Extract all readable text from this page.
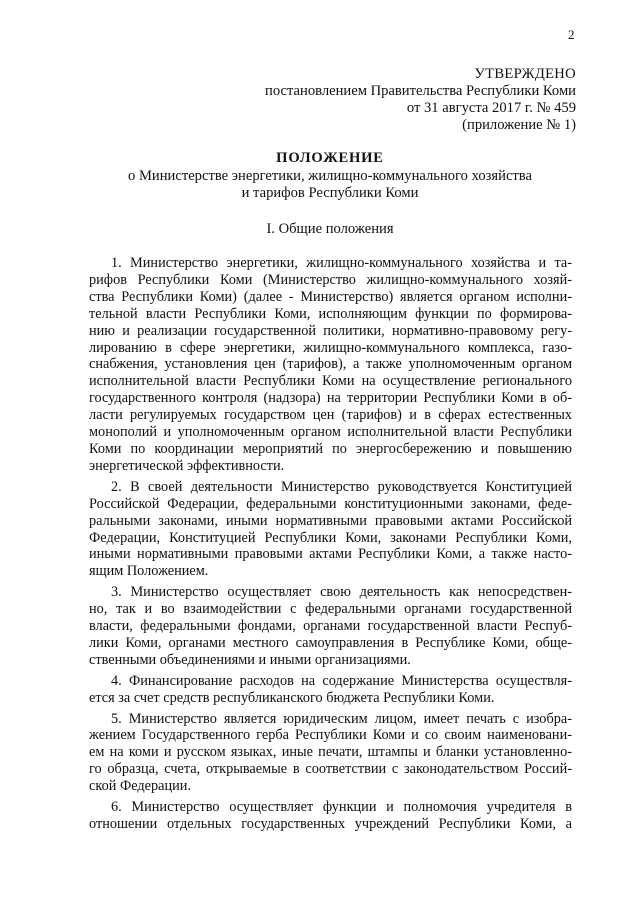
2
УТВЕРЖДЕНО
постановлением Правительства Республики Коми
от 31 августа 2017 г. № 459
(приложение № 1)
ПОЛОЖЕНИЕ
о Министерстве энергетики, жилищно-коммунального хозяйства
и тарифов Республики Коми
I. Общие положения
1. Министерство энергетики, жилищно-коммунального хозяйства и та-
рифов Республики Коми (Министерство жилищно-коммунального хозяй-
ства Республики Коми) (далее - Министерство) является органом исполни-
тельной власти Республики Коми, исполняющим функции по формирова-
нию и реализации государственной политики, нормативно-правовому регу-
лированию в сфере энергетики, жилищно-коммунального комплекса, газо-
снабжения, установления цен (тарифов), а также уполномоченным органом
исполнительной власти Республики Коми на осуществление регионального
государственного контроля (надзора) на территории Республики Коми в об-
ласти регулируемых государством цен (тарифов) и в сферах естественных
монополий и уполномоченным органом исполнительной власти Республики
Коми по координации мероприятий по энергосбережению и повышению
энергетической эффективности.
2. В своей деятельности Министерство руководствуется Конституцией
Российской Федерации, федеральными конституционными законами, феде-
ральными законами, иными нормативными правовыми актами Российской
Федерации, Конституцией Республики Коми, законами Республики Коми,
иными нормативными правовыми актами Республики Коми, а также насто-
ящим Положением.
3. Министерство осуществляет свою деятельность как непосредствен-
но, так и во взаимодействии с федеральными органами государственной
власти, федеральными фондами, органами государственной власти Респуб-
лики Коми, органами местного самоуправления в Республике Коми, обще-
ственными объединениями и иными организациями.
4. Финансирование расходов на содержание Министерства осуществля-
ется за счет средств республиканского бюджета Республики Коми.
5. Министерство является юридическим лицом, имеет печать с изобра-
жением Государственного герба Республики Коми и со своим наименовани-
ем на коми и русском языках, иные печати, штампы и бланки установленно-
го образца, счета, открываемые в соответствии с законодательством Россий-
ской Федерации.
6. Министерство осуществляет функции и полномочия учредителя в
отношении отдельных государственных учреждений Республики Коми, а
